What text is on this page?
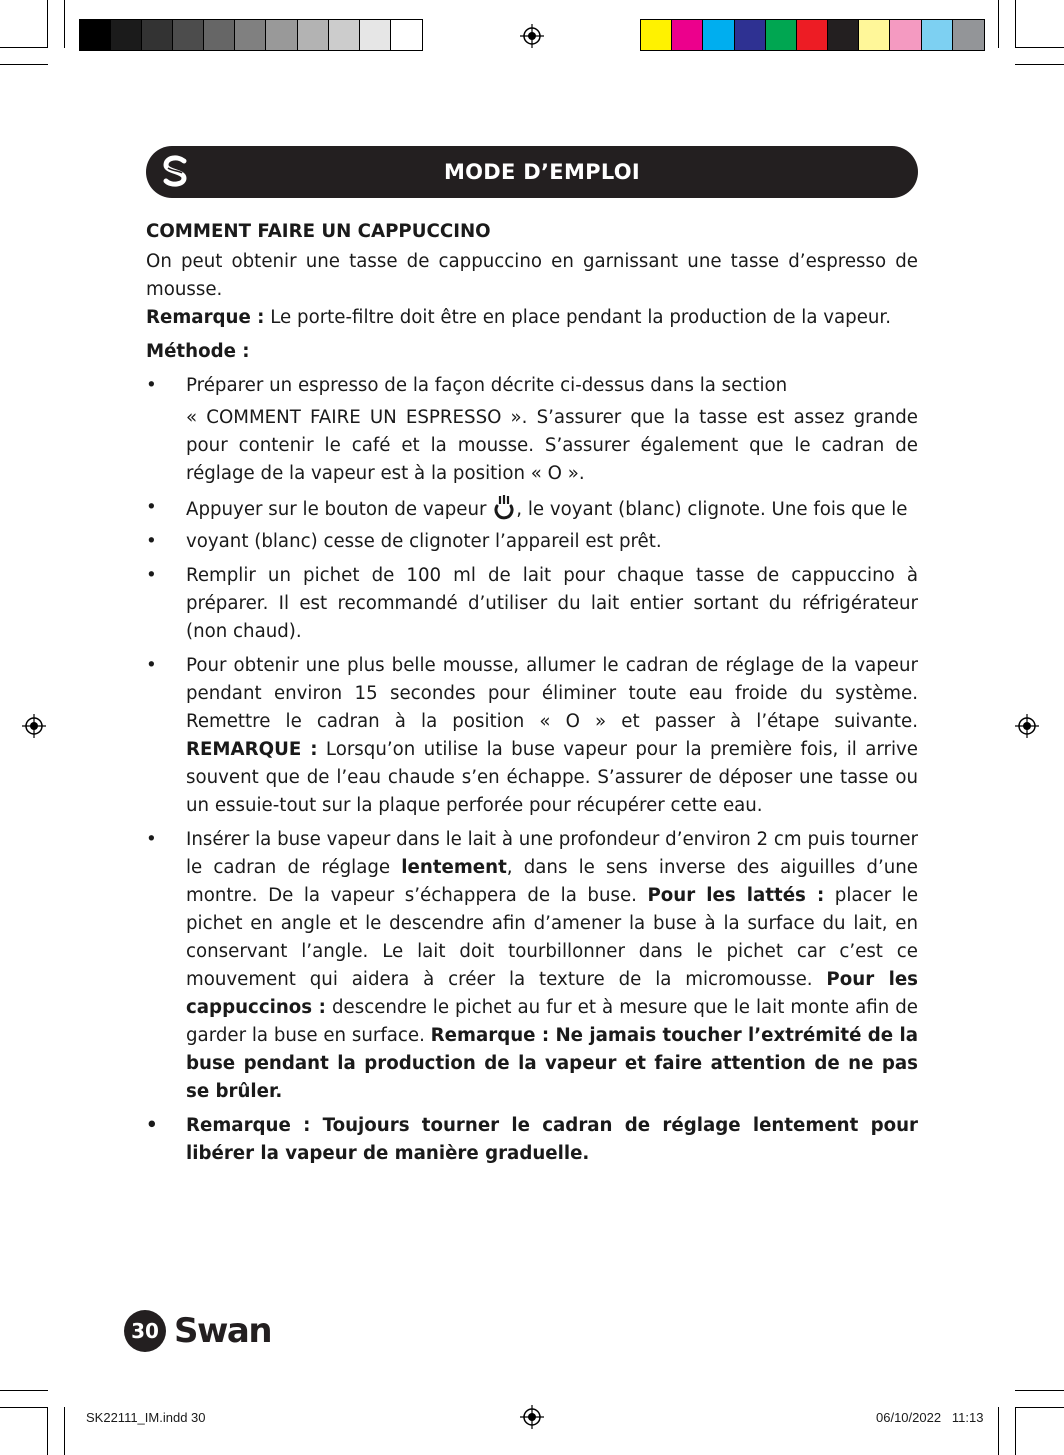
MODE D’EMPLOI

COMMENT FAIRE UN CAPPUCCINO

On peut obtenir une tasse de cappuccino en garnissant une tasse d’espresso de mousse.

Remarque : Le porte-filtre doit être en place pendant la production de la vapeur.

Méthode :

•	Préparer un espresso de la façon décrite ci-dessus dans la section
« COMMENT FAIRE UN ESPRESSO ». S’assurer que la tasse est assez grande pour contenir le café et la mousse. S’assurer également que le cadran de réglage de la vapeur est à la position « O ».
•	Appuyer sur le bouton de vapeur , le voyant (blanc) clignote. Une fois que le
•	voyant (blanc) cesse de clignoter l’appareil est prêt.
•	Remplir un pichet de 100 ml de lait pour chaque tasse de cappuccino à préparer. Il est recommandé d’utiliser du lait entier sortant du réfrigérateur (non chaud).
•	Pour obtenir une plus belle mousse, allumer le cadran de réglage de la vapeur pendant environ 15 secondes pour éliminer toute eau froide du système. Remettre le cadran à la position « O » et passer à l’étape suivante. REMARQUE : Lorsqu’on utilise la buse vapeur pour la première fois, il arrive souvent que de l’eau chaude s’en échappe. S’assurer de déposer une tasse ou un essuie-tout sur la plaque perforée pour récupérer cette eau.
•	Insérer la buse vapeur dans le lait à une profondeur d’environ 2 cm puis tourner le cadran de réglage lentement, dans le sens inverse des aiguilles d’une montre. De la vapeur s’échappera de la buse. Pour les lattés : placer le pichet en angle et le descendre afin d’amener la buse à la surface du lait, en conservant l’angle. Le lait doit tourbillonner dans le pichet car c’est ce mouvement qui aidera à créer la texture de la micromousse. Pour les cappuccinos : descendre le pichet au fur et à mesure que le lait monte afin de garder la buse en surface. Remarque : Ne jamais toucher l’extrémité de la buse pendant la production de la vapeur et faire attention de ne pas se brûler.
•	Remarque : Toujours tourner le cadran de réglage lentement pour libérer la vapeur de manière graduelle.
30 Swan
SK22111_IM.indd 30	06/10/2022   11:13
